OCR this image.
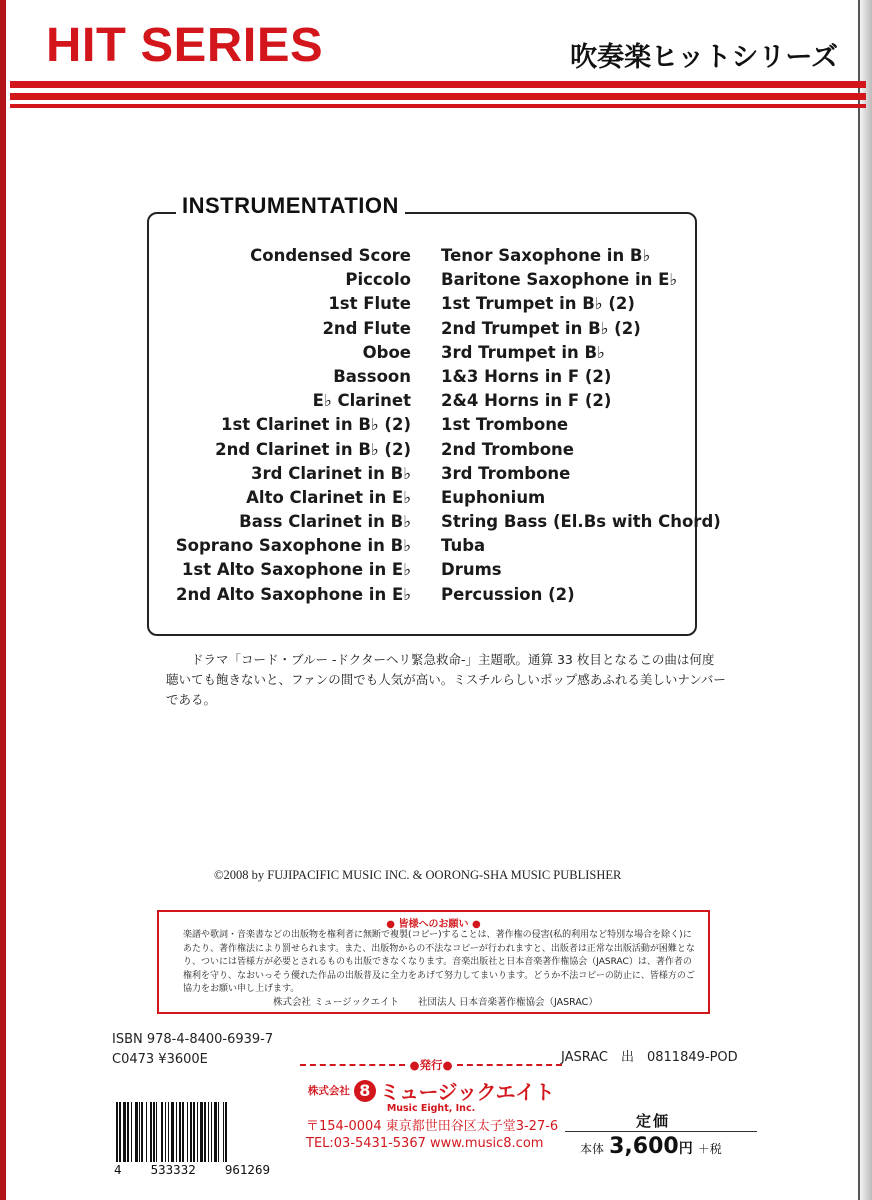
HIT SERIES	吹奏楽ヒットシリーズ
INSTRUMENTATION
Condensed Score
Piccolo
1st Flute
2nd Flute
Oboe
Bassoon
E♭ Clarinet
1st Clarinet in B♭ (2)
2nd Clarinet in B♭ (2)
3rd Clarinet in B♭
Alto Clarinet in E♭
Bass Clarinet in B♭
Soprano Saxophone in B♭
1st Alto Saxophone in E♭
2nd Alto Saxophone in E♭
Tenor Saxophone in B♭
Baritone Saxophone in E♭
1st Trumpet in B♭ (2)
2nd Trumpet in B♭ (2)
3rd Trumpet in B♭
1&3 Horns in F (2)
2&4 Horns in F (2)
1st Trombone
2nd Trombone
3rd Trombone
Euphonium
String Bass (El.Bs with Chord)
Tuba
Drums
Percussion (2)
ドラマ「コード・ブルー -ドクターヘリ緊急救命-」主題歌。通算 33 枚目となるこの曲は何度聴いても飽きないと、ファンの間でも人気が高い。ミスチルらしいポップ感あふれる美しいナンバーである。
©2008 by FUJIPACIFIC MUSIC INC. & OORONG-SHA MUSIC PUBLISHER
● 皆様へのお願い ●
楽譜や歌詞・音楽書などの出版物を権利者に無断で複製(コピー)することは、著作権の侵害(私的利用など特別な場合を除く)にあたり、著作権法により罰せられます。また、出版物からの不法なコピーが行われますと、出版者は正常な出版活動が困難となり、ついには皆様方が必要とされるものも出版できなくなります。音楽出版社と日本音楽著作権協会（JASRAC）は、著作者の権利を守り、なおいっそう優れた作品の出版普及に全力をあげて努力してまいります。どうか不法コピーの防止に、皆様方のご協力をお願い申し上げます。
株式会社 ミュージックエイト　　社団法人 日本音楽著作権協会（JASRAC）
ISBN 978-4-8400-6939-7
C0473 ¥3600E	JASRAC　出　0811849-POD
●発行●
株式会社 8 ミュージックエイト
Music Eight, Inc.
〒154-0004 東京都世田谷区太子堂3-27-6
TEL:03-5431-5367 www.music8.com
4 533332 961269
定価
本体 3,600円 ＋税
